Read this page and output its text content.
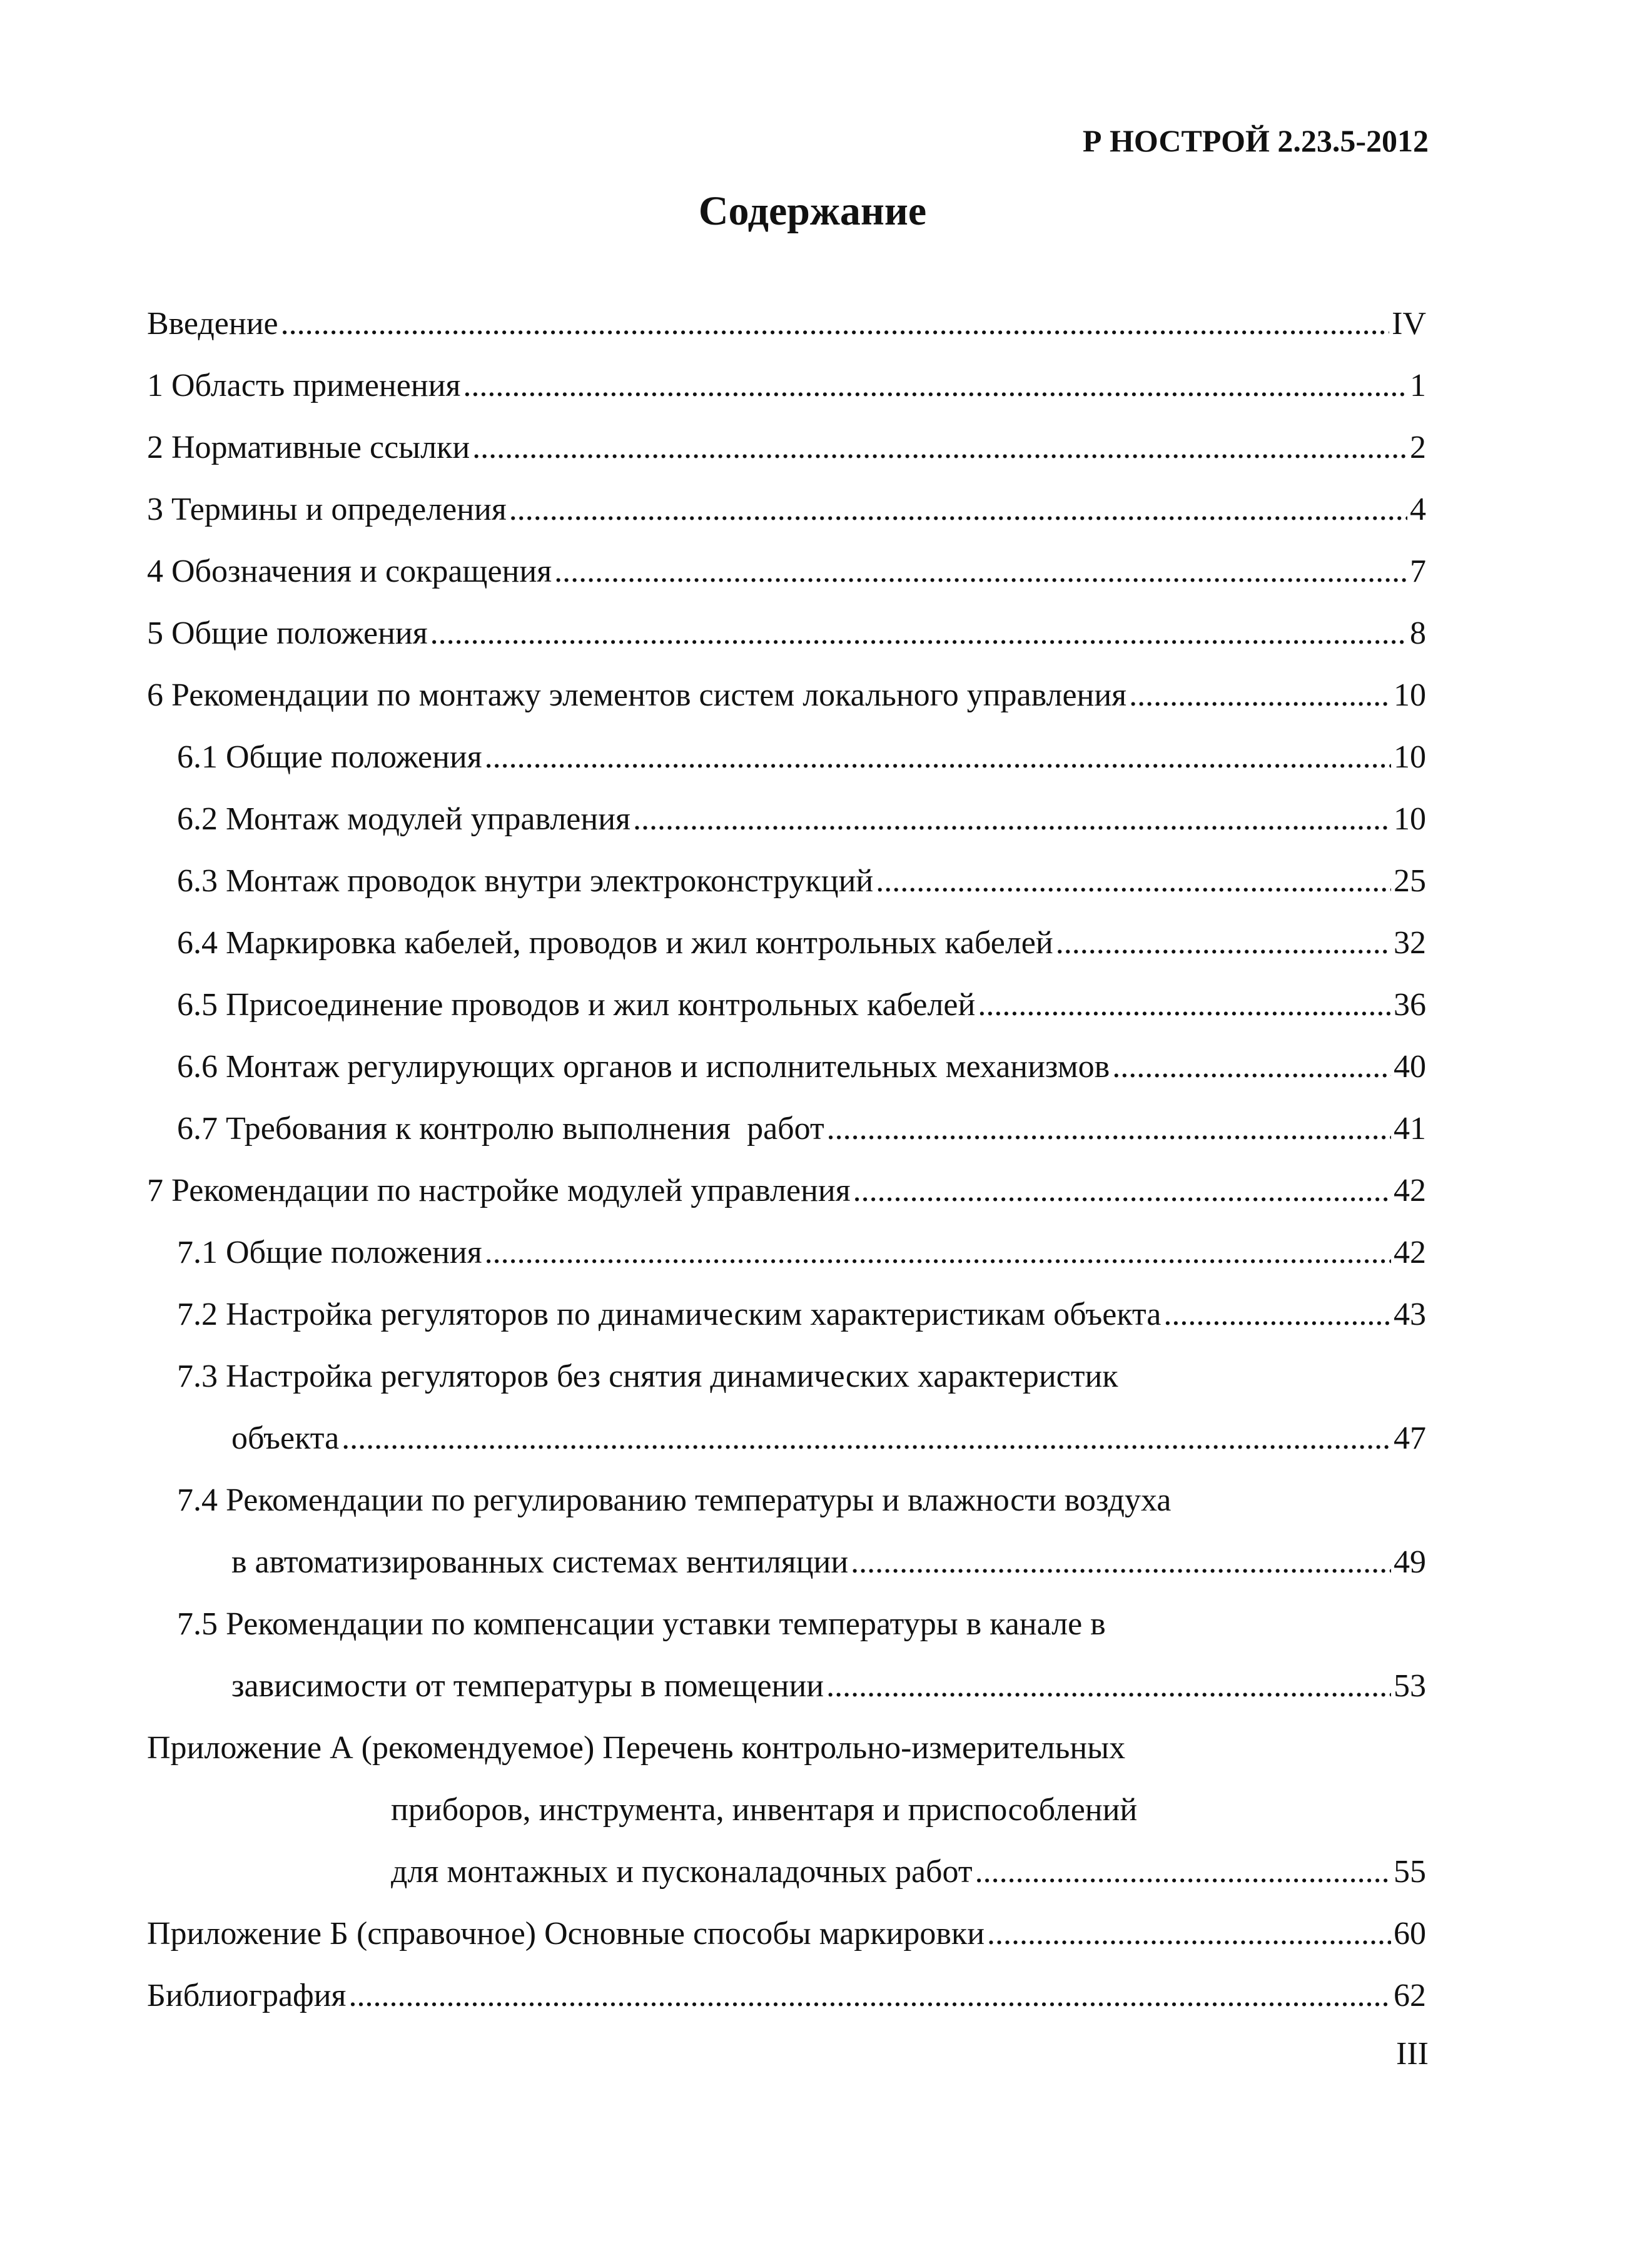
Р НОСТРОЙ 2.23.5-2012
Содержание
Введение .....	IV
1 Область применения .....	1
2 Нормативные ссылки .....	2
3 Термины и определения .....	4
4 Обозначения и сокращения .....	7
5 Общие положения .....	8
6 Рекомендации по монтажу элементов систем локального управления .....	10
6.1 Общие положения .....	10
6.2 Монтаж модулей управления .....	10
6.3 Монтаж проводок внутри электроконструкций .....	25
6.4 Маркировка кабелей, проводов и жил контрольных кабелей .....	32
6.5 Присоединение проводов и жил контрольных кабелей .....	36
6.6 Монтаж регулирующих органов и исполнительных механизмов .....	40
6.7 Требования к контролю выполнения  работ .....	41
7 Рекомендации по настройке модулей управления .....	42
7.1 Общие положения .....	42
7.2 Настройка регуляторов по динамическим характеристикам объекта .....	43
7.3 Настройка регуляторов без снятия динамических характеристик
объекта .....	47
7.4 Рекомендации по регулированию температуры и влажности воздуха
в автоматизированных системах вентиляции .....	49
7.5 Рекомендации по компенсации уставки температуры в канале в
зависимости от температуры в помещении .....	53
Приложение А (рекомендуемое) Перечень контрольно-измерительных
приборов, инструмента, инвентаря и приспособлений
для монтажных и пусконаладочных работ .....	55
Приложение Б (справочное) Основные способы маркировки .....	60
Библиография .....	62
III
